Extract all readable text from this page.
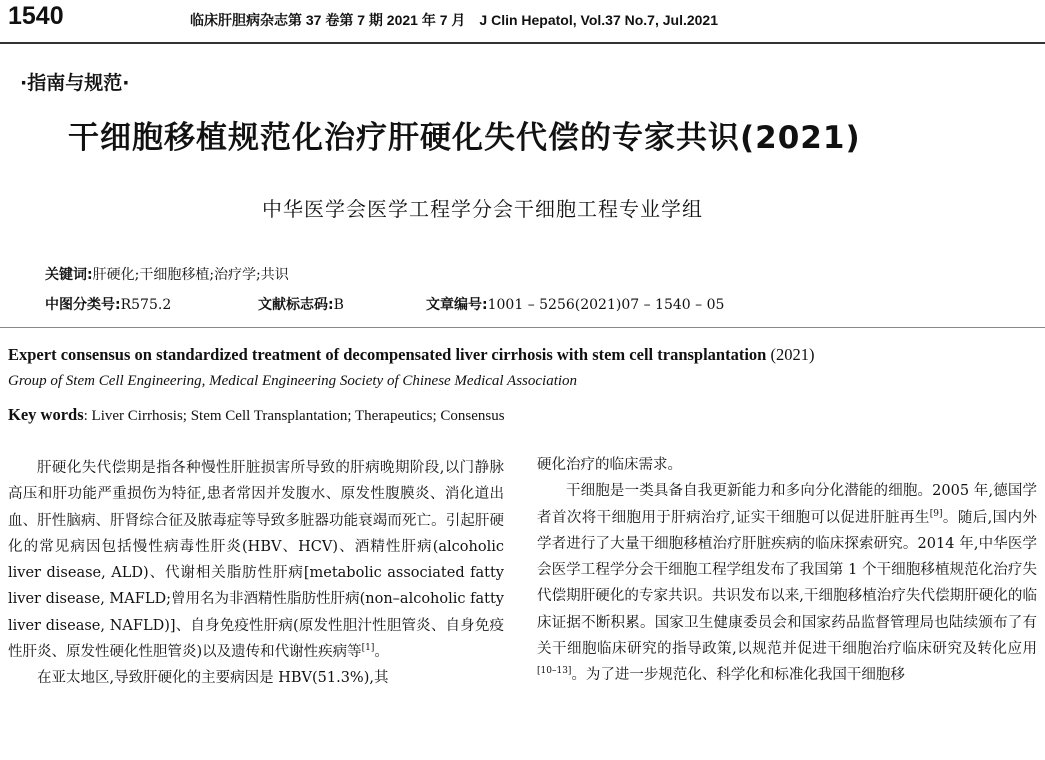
1540	临床肝胆病杂志第 37 卷第 7 期 2021 年 7 月　J Clin Hepatol, Vol.37 No.7, Jul.2021
·指南与规范·
干细胞移植规范化治疗肝硬化失代偿的专家共识(2021)
中华医学会医学工程学分会干细胞工程专业学组
关键词:肝硬化;干细胞移植;治疗学;共识
中图分类号:R575.2	文献标志码:B	文章编号:1001 – 5256(2021)07 – 1540 – 05
Expert consensus on standardized treatment of decompensated liver cirrhosis with stem cell transplantation (2021)
Group of Stem Cell Engineering, Medical Engineering Society of Chinese Medical Association
Key words: Liver Cirrhosis; Stem Cell Transplantation; Therapeutics; Consensus

肝硬化失代偿期是指各种慢性肝脏损害所导致的肝病晚期阶段,以门静脉高压和肝功能严重损伤为特征,患者常因并发腹水、原发性腹膜炎、消化道出血、肝性脑病、肝肾综合征及脓毒症等导致多脏器功能衰竭而死亡。引起肝硬化的常见病因包括慢性病毒性肝炎(HBV、HCV)、酒精性肝病(alcoholic liver disease, ALD)、代谢相关脂肪性肝病[metabolic associated fatty liver disease, MAFLD;曾用名为非酒精性脂肪性肝病(non–alcoholic fatty liver disease, NAFLD)]、自身免疫性肝病(原发性胆汁性胆管炎、自身免疫性肝炎、原发性硬化性胆管炎)以及遗传和代谢性疾病等[1]。

在亚太地区,导致肝硬化的主要病因是 HBV(51.3%),其

硬化治疗的临床需求。

干细胞是一类具备自我更新能力和多向分化潜能的细胞。2005 年,德国学者首次将干细胞用于肝病治疗,证实干细胞可以促进肝脏再生[9]。随后,国内外学者进行了大量干细胞移植治疗肝脏疾病的临床探索研究。2014 年,中华医学会医学工程学分会干细胞工程学组发布了我国第 1 个干细胞移植规范化治疗失代偿期肝硬化的专家共识。共识发布以来,干细胞移植治疗失代偿期肝硬化的临床证据不断积累。国家卫生健康委员会和国家药品监督管理局也陆续颁布了有关干细胞临床研究的指导政策,以规范并促进干细胞治疗临床研究及转化应用[10–13]。为了进一步规范化、科学化和标准化我国干细胞移
